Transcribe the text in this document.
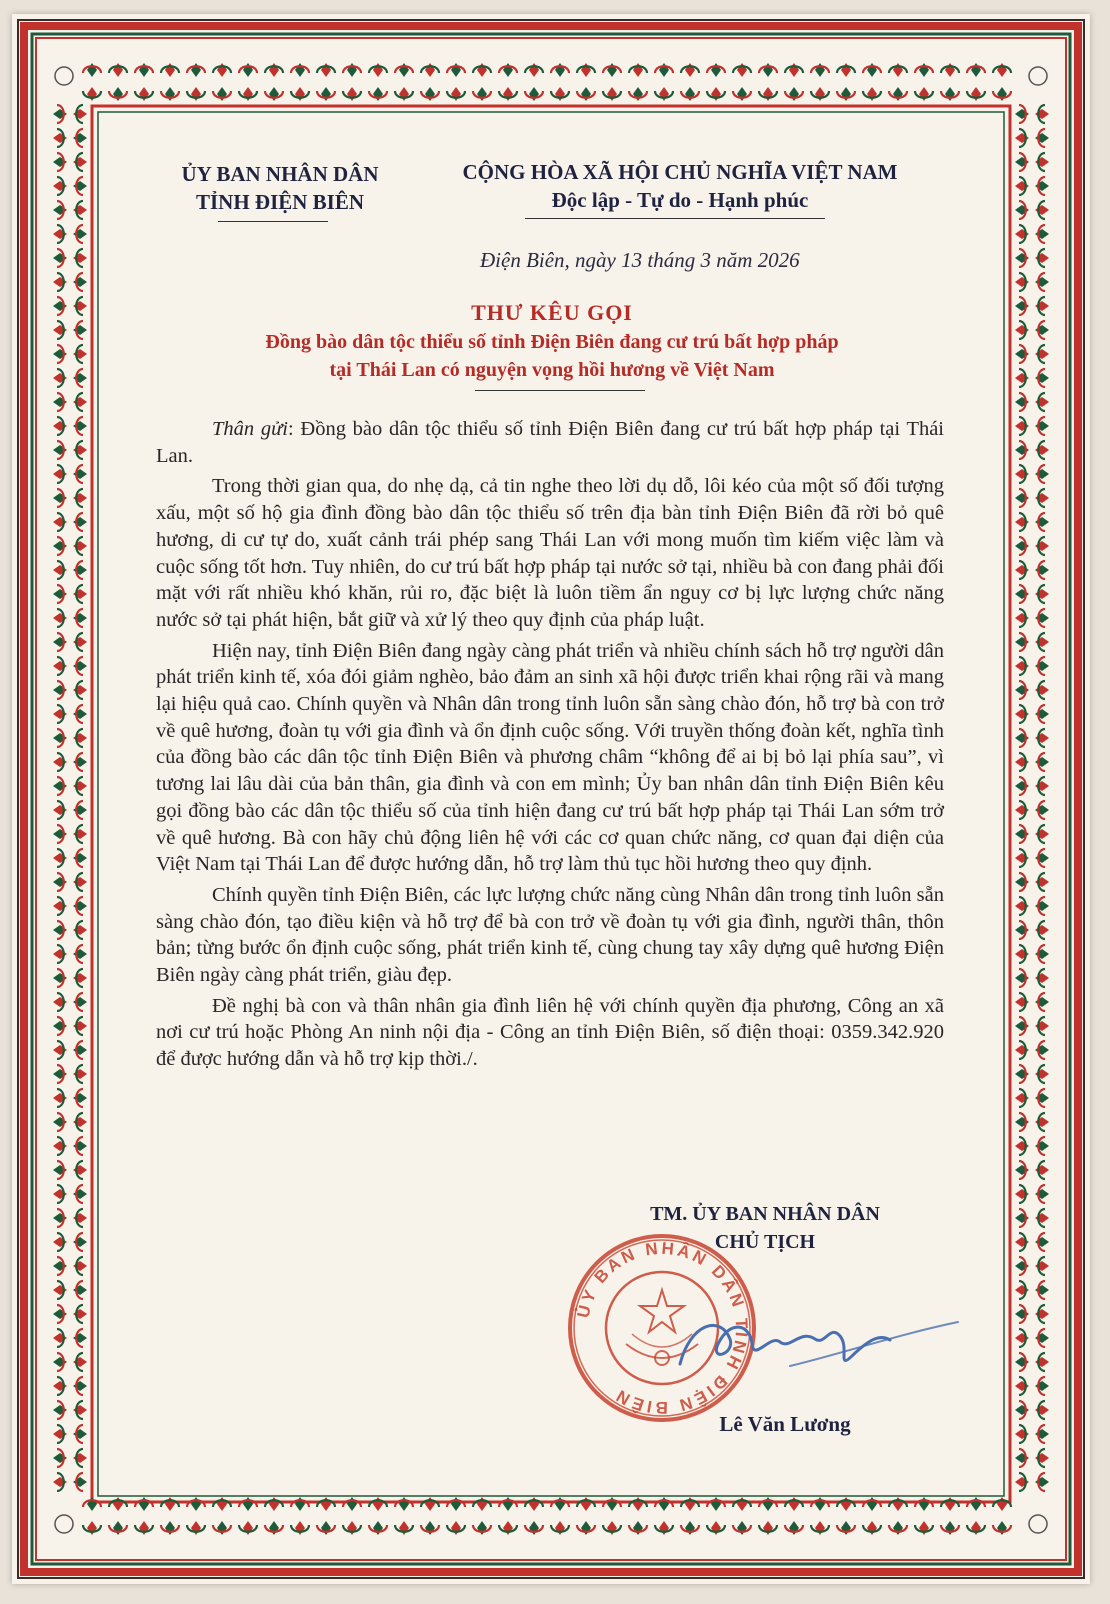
ỦY BAN NHÂN DÂN
TỈNH ĐIỆN BIÊN
CỘNG HÒA XÃ HỘI CHỦ NGHĨA VIỆT NAM
Độc lập - Tự do - Hạnh phúc
Điện Biên, ngày 13 tháng 3 năm 2026
THƯ KÊU GỌI
Đồng bào dân tộc thiểu số tỉnh Điện Biên đang cư trú bất hợp pháp
tại Thái Lan có nguyện vọng hồi hương về Việt Nam

Thân gửi: Đồng bào dân tộc thiểu số tỉnh Điện Biên đang cư trú bất hợp pháp tại Thái Lan.

Trong thời gian qua, do nhẹ dạ, cả tin nghe theo lời dụ dỗ, lôi kéo của một số đối tượng xấu, một số hộ gia đình đồng bào dân tộc thiểu số trên địa bàn tỉnh Điện Biên đã rời bỏ quê hương, di cư tự do, xuất cảnh trái phép sang Thái Lan với mong muốn tìm kiếm việc làm và cuộc sống tốt hơn. Tuy nhiên, do cư trú bất hợp pháp tại nước sở tại, nhiều bà con đang phải đối mặt với rất nhiều khó khăn, rủi ro, đặc biệt là luôn tiềm ẩn nguy cơ bị lực lượng chức năng nước sở tại phát hiện, bắt giữ và xử lý theo quy định của pháp luật.

Hiện nay, tỉnh Điện Biên đang ngày càng phát triển và nhiều chính sách hỗ trợ người dân phát triển kinh tế, xóa đói giảm nghèo, bảo đảm an sinh xã hội được triển khai rộng rãi và mang lại hiệu quả cao. Chính quyền và Nhân dân trong tỉnh luôn sẵn sàng chào đón, hỗ trợ bà con trở về quê hương, đoàn tụ với gia đình và ổn định cuộc sống. Với truyền thống đoàn kết, nghĩa tình của đồng bào các dân tộc tỉnh Điện Biên và phương châm “không để ai bị bỏ lại phía sau”, vì tương lai lâu dài của bản thân, gia đình và con em mình; Ủy ban nhân dân tỉnh Điện Biên kêu gọi đồng bào các dân tộc thiểu số của tỉnh hiện đang cư trú bất hợp pháp tại Thái Lan sớm trở về quê hương. Bà con hãy chủ động liên hệ với các cơ quan chức năng, cơ quan đại diện của Việt Nam tại Thái Lan để được hướng dẫn, hỗ trợ làm thủ tục hồi hương theo quy định.

Chính quyền tỉnh Điện Biên, các lực lượng chức năng cùng Nhân dân trong tỉnh luôn sẵn sàng chào đón, tạo điều kiện và hỗ trợ để bà con trở về đoàn tụ với gia đình, người thân, thôn bản; từng bước ổn định cuộc sống, phát triển kinh tế, cùng chung tay xây dựng quê hương Điện Biên ngày càng phát triển, giàu đẹp.

Đề nghị bà con và thân nhân gia đình liên hệ với chính quyền địa phương, Công an xã nơi cư trú hoặc Phòng An ninh nội địa - Công an tỉnh Điện Biên, số điện thoại: 0359.342.920 để được hướng dẫn và hỗ trợ kịp thời./.

TM. ỦY BAN NHÂN DÂN
CHỦ TỊCH
ỦY BAN NHÂN DÂN TỈNH ĐIỆN BIÊN
Lê Văn Lương
